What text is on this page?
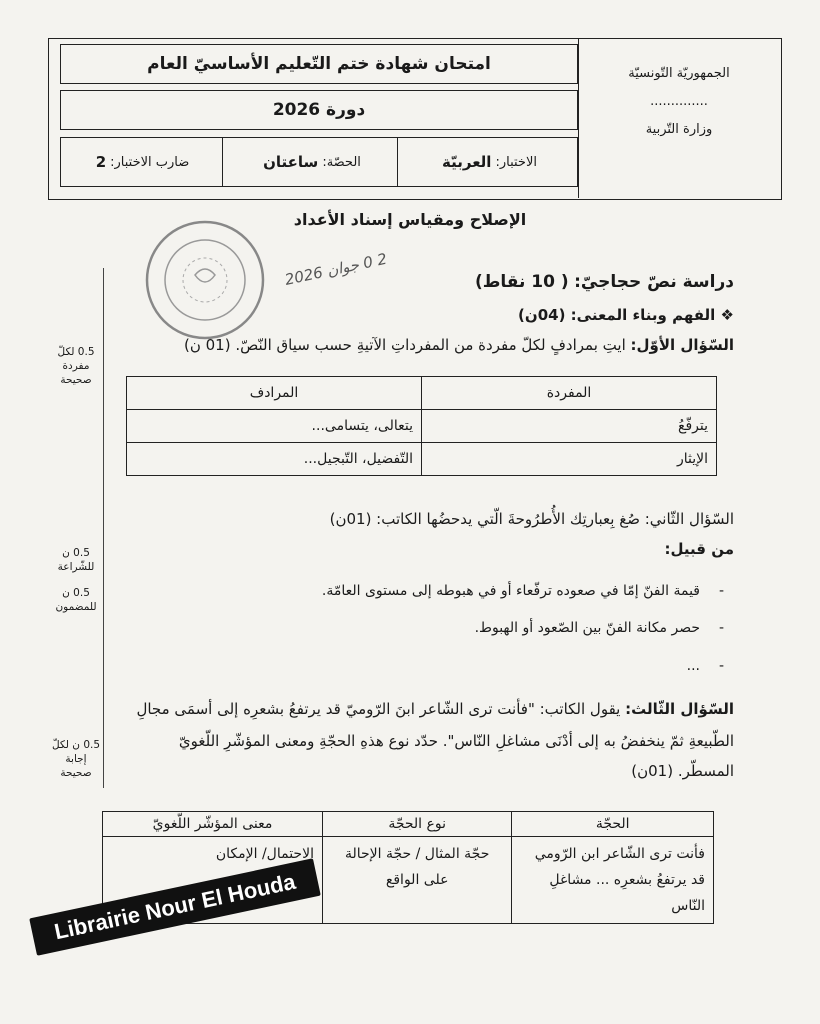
امتحان شهادة ختم التّعليم الأساسيّ العام
دورة 2026
الاختبار:
العربيّة
الحصّة:
ساعتان
ضارب الاختبار:
2
الجمهوريّة التّونسيّة
..............
وزارة التّربية
الإصلاح ومقياس إسناد الأعداد
2 0 جوان 2026
دراسة نصّ حجاجيّ: ( 10 نقاط)
❖ الفهم وبناء المعنى: (04ن)
السّؤال الأوّل: ايتِ بمرادفٍ لكلّ مفردة من المفرداتِ الآتيةِ حسب سياق النّصّ. (01 ن)
0.5 لكلّ مفردة صحيحة
المفردة	المرادف
يترفّعُ	يتعالى، يتسامى...
الإيثار	التّفضيل، التّبجيل...
السّؤال الثّاني: صُغ بِعبارتِك الأُطرُوحةَ الّتي يدحضُها الكاتب: (01ن)
من قبيل:
0.5 ن للشّراعة
0.5 ن للمضمون
-
قيمة الفنّ إمّا في صعوده ترفّعاء أو في هبوطه إلى مستوى العامّة.
-
حصر مكانة الفنّ بين الصّعود أو الهبوط.
-
...
السّؤال الثّالث: يقول الكاتب: "فأنت ترى الشّاعر ابنَ الرّوميّ قد يرتفعُ بشعرِه إلى أسمَى مجالِ
الطّبيعةِ ثمّ ينخفضُ به إلى أدْنَى مشاغلِ النّاس". حدّد نوع هذهِ الحجّةِ ومعنى المؤشّرِ اللّغويّ
المسطّر. (01ن)
0.5 ن لكلّ إجابة صحيحة
الحجّة	نوع الحجّة	معنى المؤشّر اللّغويّ
فأنت ترى الشّاعر ابن الرّومي قد يرتفعُ بشعرِه ... مشاغلِ النّاس	حجّة المثال / حجّة الإحالة على الواقع	الاحتمال/ الإمكان
Librairie Nour El Houda
